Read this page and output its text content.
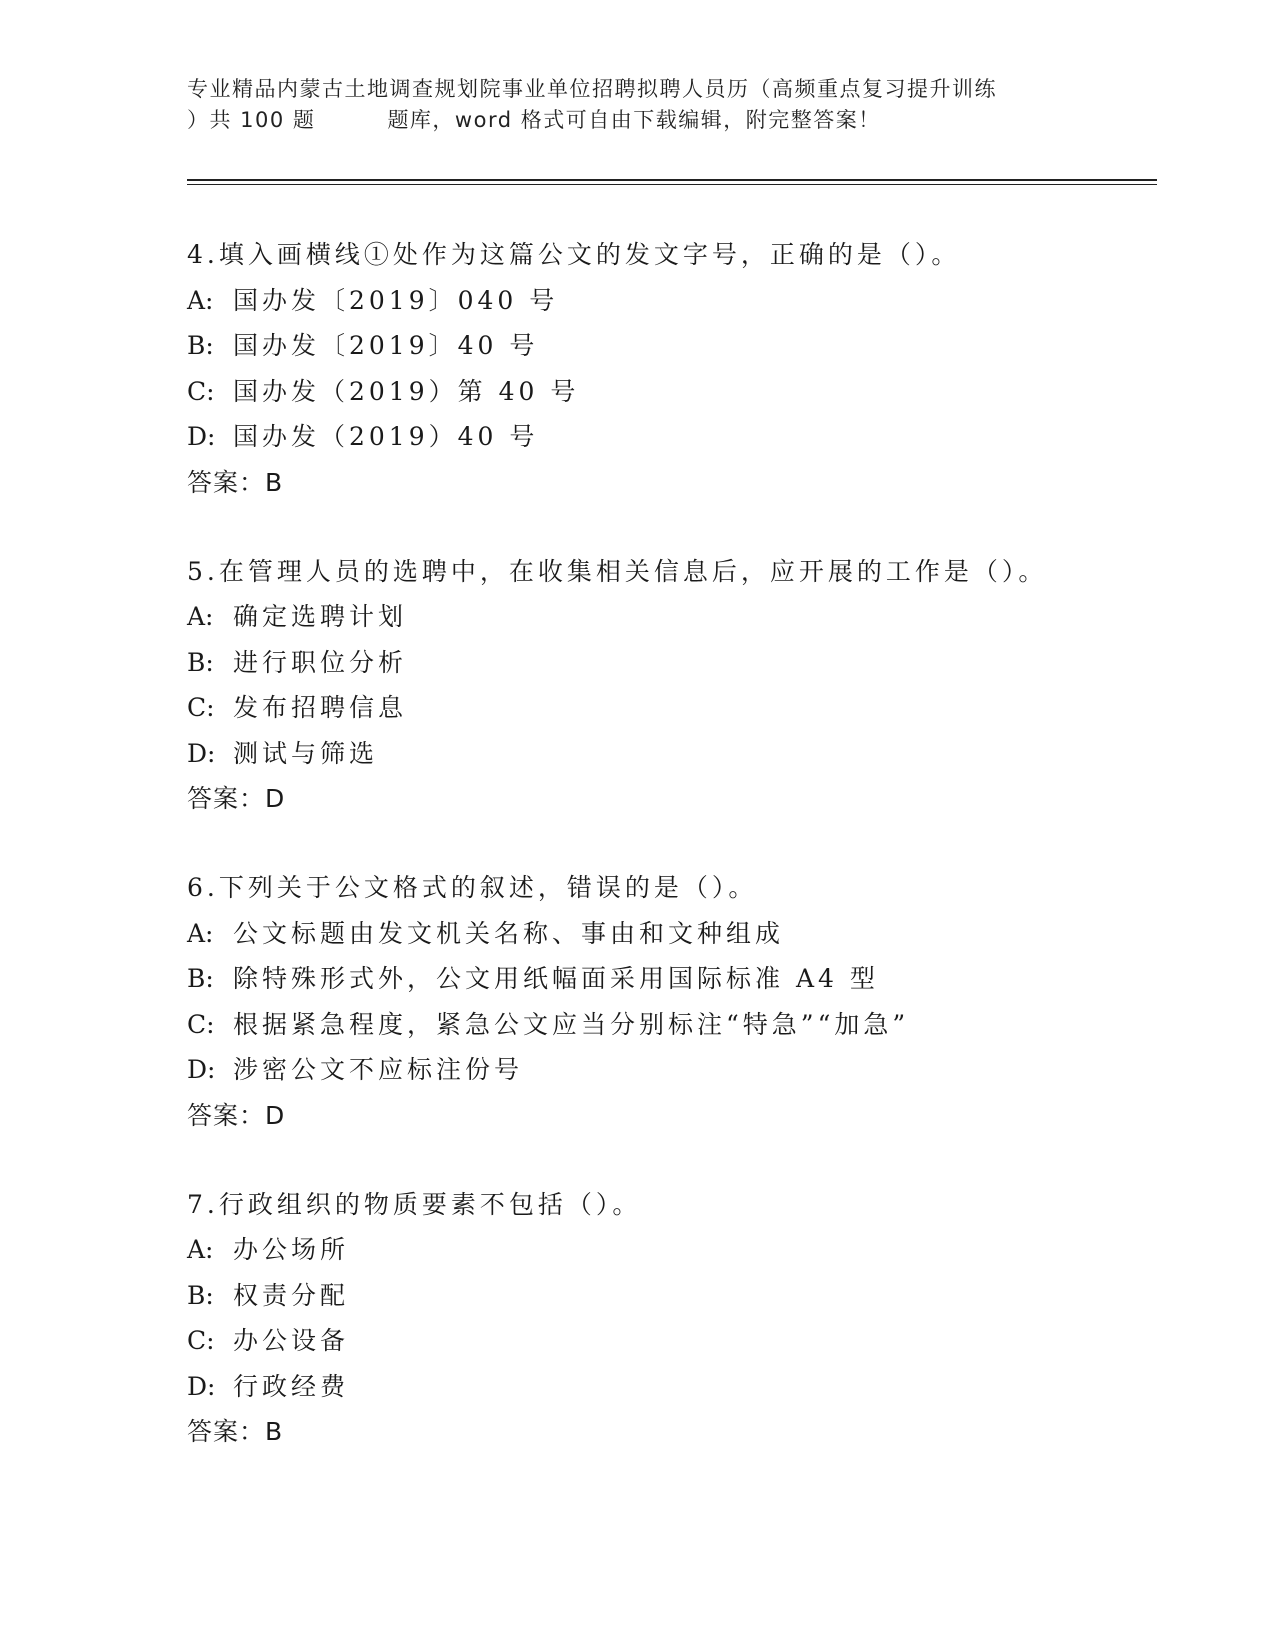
专业精品内蒙古土地调查规划院事业单位招聘拟聘人员历（高频重点复习提升训练
）共 100 题	题库，word 格式可自由下载编辑，附完整答案！
4.填入画横线①处作为这篇公文的发文字号，正确的是（）。
A: 国办发〔2019〕040 号
B: 国办发〔2019〕40 号
C: 国办发（2019）第 40 号
D: 国办发（2019）40 号
答案：B
5.在管理人员的选聘中，在收集相关信息后，应开展的工作是（）。
A: 确定选聘计划
B: 进行职位分析
C: 发布招聘信息
D: 测试与筛选
答案：D
6.下列关于公文格式的叙述，错误的是（）。
A: 公文标题由发文机关名称、事由和文种组成
B: 除特殊形式外，公文用纸幅面采用国际标准 A4 型
C: 根据紧急程度，紧急公文应当分别标注“特急”“加急”
D: 涉密公文不应标注份号
答案：D
7.行政组织的物质要素不包括（）。
A: 办公场所
B: 权责分配
C: 办公设备
D: 行政经费
答案：B
